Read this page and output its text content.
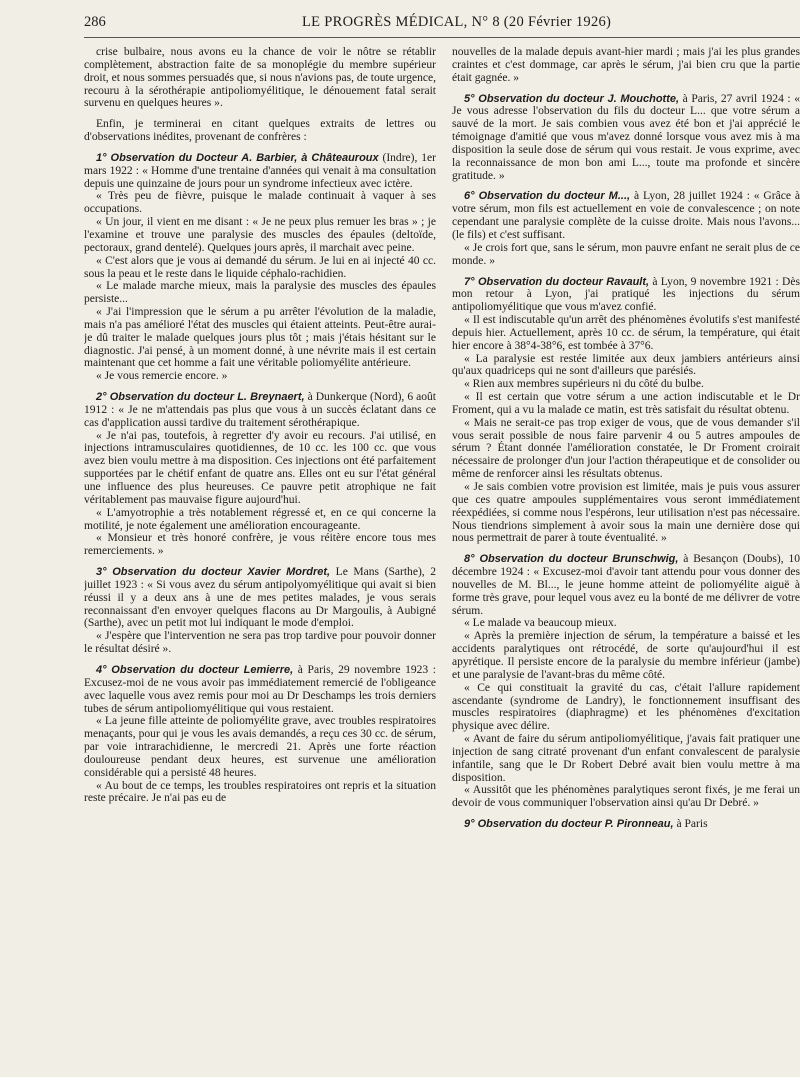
286	LE PROGRÈS MÉDICAL, N° 8 (20 Février 1926)

crise bulbaire, nous avons eu la chance de voir le nôtre se rétablir complètement, abstraction faite de sa monoplégie du membre supérieur droit, et nous sommes persuadés que, si nous n'avions pas, de toute urgence, recouru à la sérothérapie antipoliomyélitique, le dénouement fatal serait survenu en quelques heures ».

Enfin, je terminerai en citant quelques extraits de lettres ou d'observations inédites, provenant de confrères :

1° Observation du Docteur A. Barbier, à Châteauroux (Indre), 1er mars 1922 : « Homme d'une trentaine d'années qui venait à ma consultation depuis une quinzaine de jours pour un syndrome infectieux avec ictère.

« Très peu de fièvre, puisque le malade continuait à vaquer à ses occupations.

« Un jour, il vient en me disant : « Je ne peux plus remuer les bras » ; je l'examine et trouve une paralysie des muscles des épaules (deltoïde, pectoraux, grand dentelé). Quelques jours après, il marchait avec peine.

« C'est alors que je vous ai demandé du sérum. Je lui en ai injecté 40 cc. sous la peau et le reste dans le liquide céphalo-rachidien.

« Le malade marche mieux, mais la paralysie des muscles des épaules persiste...

« J'ai l'impression que le sérum a pu arrêter l'évolution de la maladie, mais n'a pas amélioré l'état des muscles qui étaient atteints. Peut-être aurai-je dû traiter le malade quelques jours plus tôt ; mais j'étais hésitant sur le diagnostic. J'ai pensé, à un moment donné, à une névrite mais il est certain maintenant que cet homme a fait une véritable poliomyélite antérieure.

« Je vous remercie encore. »

2° Observation du docteur L. Breynaert, à Dunkerque (Nord), 6 août 1912 : « Je ne m'attendais pas plus que vous à un succès éclatant dans ce cas d'application aussi tardive du traitement sérothérapique.

« Je n'ai pas, toutefois, à regretter d'y avoir eu recours. J'ai utilisé, en injections intramusculaires quotidiennes, de 10 cc. les 100 cc. que vous avez bien voulu mettre à ma disposition. Ces injections ont été parfaitement supportées par le chétif enfant de quatre ans. Elles ont eu sur l'état général une influence des plus heureuses. Ce pauvre petit atrophique ne fait véritablement pas mauvaise figure aujourd'hui.

« L'amyotrophie a très notablement régressé et, en ce qui concerne la motilité, je note également une amélioration encourageante.

« Monsieur et très honoré confrère, je vous réitère encore tous mes remerciements. »

3° Observation du docteur Xavier Mordret, Le Mans (Sarthe), 2 juillet 1923 : « Si vous avez du sérum antipolyomyélitique qui avait si bien réussi il y a deux ans à une de mes petites malades, je vous serais reconnaissant d'en envoyer quelques flacons au Dr Margoulis, à Aubigné (Sarthe), avec un petit mot lui indiquant le mode d'emploi.

« J'espère que l'intervention ne sera pas trop tardive pour pouvoir donner le résultat désiré ».

4° Observation du docteur Lemierre, à Paris, 29 novembre 1923 : Excusez-moi de ne vous avoir pas immédiatement remercié de l'obligeance avec laquelle vous avez remis pour moi au Dr Deschamps les trois derniers tubes de sérum antipoliomyélitique qui vous restaient.

« La jeune fille atteinte de poliomyélite grave, avec troubles respiratoires menaçants, pour qui je vous les avais demandés, a reçu ces 30 cc. de sérum, par voie intrarachidienne, le mercredi 21. Après une forte réaction douloureuse pendant deux heures, est survenue une amélioration considérable qui a persisté 48 heures.

« Au bout de ce temps, les troubles respiratoires ont repris et la situation reste précaire. Je n'ai pas eu de

nouvelles de la malade depuis avant-hier mardi ; mais j'ai les plus grandes craintes et c'est dommage, car après le sérum, j'ai bien cru que la partie était gagnée. »

5° Observation du docteur J. Mouchotte, à Paris, 27 avril 1924 : « Je vous adresse l'observation du fils du docteur L... que votre sérum a sauvé de la mort. Je sais combien vous avez été bon et j'ai apprécié le témoignage d'amitié que vous m'avez donné lorsque vous avez mis à ma disposition la seule dose de sérum qui vous restait. Je vous exprime, avec la reconnaissance de mon bon ami L..., toute ma profonde et sincère gratitude. »

6° Observation du docteur M..., à Lyon, 28 juillet 1924 : « Grâce à votre sérum, mon fils est actuellement en voie de convalescence ; on note cependant une paralysie complète de la cuisse droite. Mais nous l'avons... (le fils) et c'est suffisant.

« Je crois fort que, sans le sérum, mon pauvre enfant ne serait plus de ce monde. »

7° Observation du docteur Ravault, à Lyon, 9 novembre 1921 : Dès mon retour à Lyon, j'ai pratiqué les injections du sérum antipoliomyélitique que vous m'avez confié.

« Il est indiscutable qu'un arrêt des phénomènes évolutifs s'est manifesté depuis hier. Actuellement, après 10 cc. de sérum, la température, qui était hier encore à 38°4-38°6, est tombée à 37°6.

« La paralysie est restée limitée aux deux jambiers antérieurs ainsi qu'aux quadriceps qui ne sont d'ailleurs que parésiés.

« Rien aux membres supérieurs ni du côté du bulbe.

« Il est certain que votre sérum a une action indiscutable et le Dr Froment, qui a vu la malade ce matin, est très satisfait du résultat obtenu.

« Mais ne serait-ce pas trop exiger de vous, que de vous demander s'il vous serait possible de nous faire parvenir 4 ou 5 autres ampoules de sérum ? Étant donnée l'amélioration constatée, le Dr Froment croirait nécessaire de prolonger d'un jour l'action thérapeutique et de consolider ou même de renforcer ainsi les résultats obtenus.

« Je sais combien votre provision est limitée, mais je puis vous assurer que ces quatre ampoules supplémentaires vous seront immédiatement réexpédiées, si comme nous l'espérons, leur utilisation n'est pas nécessaire. Nous tiendrions simplement à avoir sous la main une dernière dose qui nous permettrait de parer à toute éventualité. »

8° Observation du docteur Brunschwig, à Besançon (Doubs), 10 décembre 1924 : « Excusez-moi d'avoir tant attendu pour vous donner des nouvelles de M. Bl..., le jeune homme atteint de poliomyélite aiguë à forme très grave, pour lequel vous avez eu la bonté de me délivrer de votre sérum.

« Le malade va beaucoup mieux.

« Après la première injection de sérum, la température a baissé et les accidents paralytiques ont rétrocédé, de sorte qu'aujourd'hui il est apyrétique. Il persiste encore de la paralysie du membre inférieur (jambe) et une paralysie de l'avant-bras du même côté.

« Ce qui constituait la gravité du cas, c'était l'allure rapidement ascendante (syndrome de Landry), le fonctionnement insuffisant des muscles respiratoires (diaphragme) et les phénomènes d'excitation physique avec délire.

« Avant de faire du sérum antipoliomyélitique, j'avais fait pratiquer une injection de sang citraté provenant d'un enfant convalescent de paralysie infantile, sang que le Dr Robert Debré avait bien voulu mettre à ma disposition.

« Aussitôt que les phénomènes paralytiques seront fixés, je me ferai un devoir de vous communiquer l'observation ainsi qu'au Dr Debré. »

9° Observation du docteur P. Pironneau, à Paris
